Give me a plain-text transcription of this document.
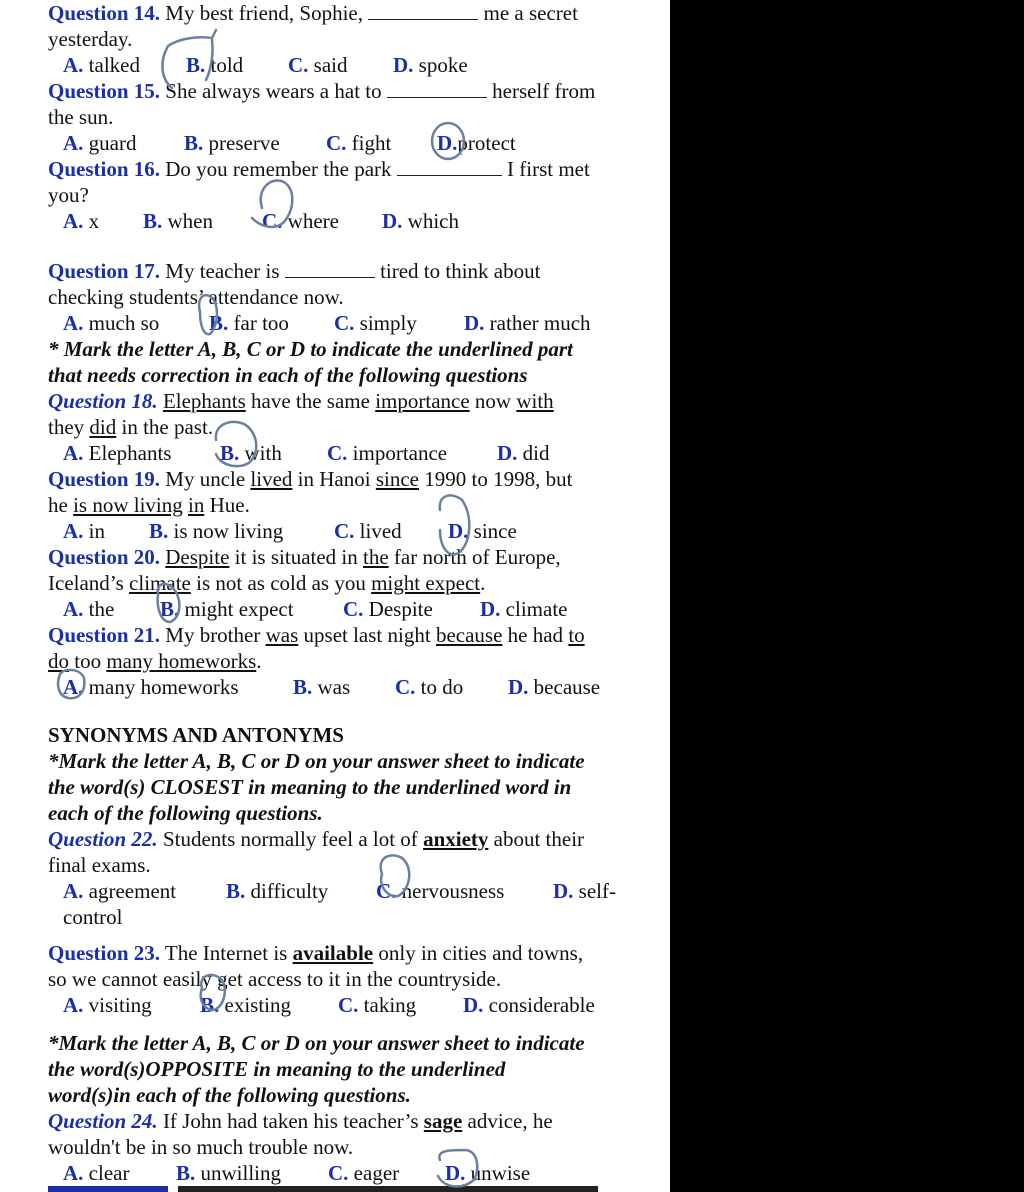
Question 14. My best friend, Sophie,	me a secret
yesterday.
A. talked B. told C. said D. spoke
Question 15. She always wears a hat to	herself from
the sun.
A. guard B. preserve C. fight D.protect
Question 16. Do you remember the park	I first met
you?
A. x B. when C. where D. which
Question 17. My teacher is	tired to think about
checking students’ attendance now.
A. much so B. far too C. simply D. rather much
* Mark the letter A, B, C or D to indicate the underlined part
that needs correction in each of the following questions
Question 18. Elephants have the same importance now with
they did in the past.
A. Elephants B. with C. importance D. did
Question 19. My uncle lived in Hanoi since 1990 to 1998, but
he is now living in Hue.
A. in B. is now living C. lived D. since
Question 20. Despite it is situated in the far north of Europe,
Iceland’s climate is not as cold as you might expect.
A. the B. might expect C. Despite D. climate
Question 21. My brother was upset last night because he had to
do too many homeworks.
A. many homeworks	B. was C. to do D. because
SYNONYMS AND ANTONYMS
*Mark the letter A, B, C or D on your answer sheet to indicate
the word(s) CLOSEST in meaning to the underlined word in
each of the following questions.
Question 22. Students normally feel a lot of anxiety about their
final exams.
A. agreement B. difficulty C. nervousness D. self-
control
Question 23. The Internet is available only in cities and towns,
so we cannot easily get access to it in the countryside.
A. visiting B. existing C. taking D. considerable
*Mark the letter A, B, C or D on your answer sheet to indicate
the word(s)OPPOSITE in meaning to the underlined
word(s)in each of the following questions.
Question 24. If John had taken his teacher’s sage advice, he
wouldn't be in so much trouble now.
A. clear B. unwilling C. eager D. unwise
